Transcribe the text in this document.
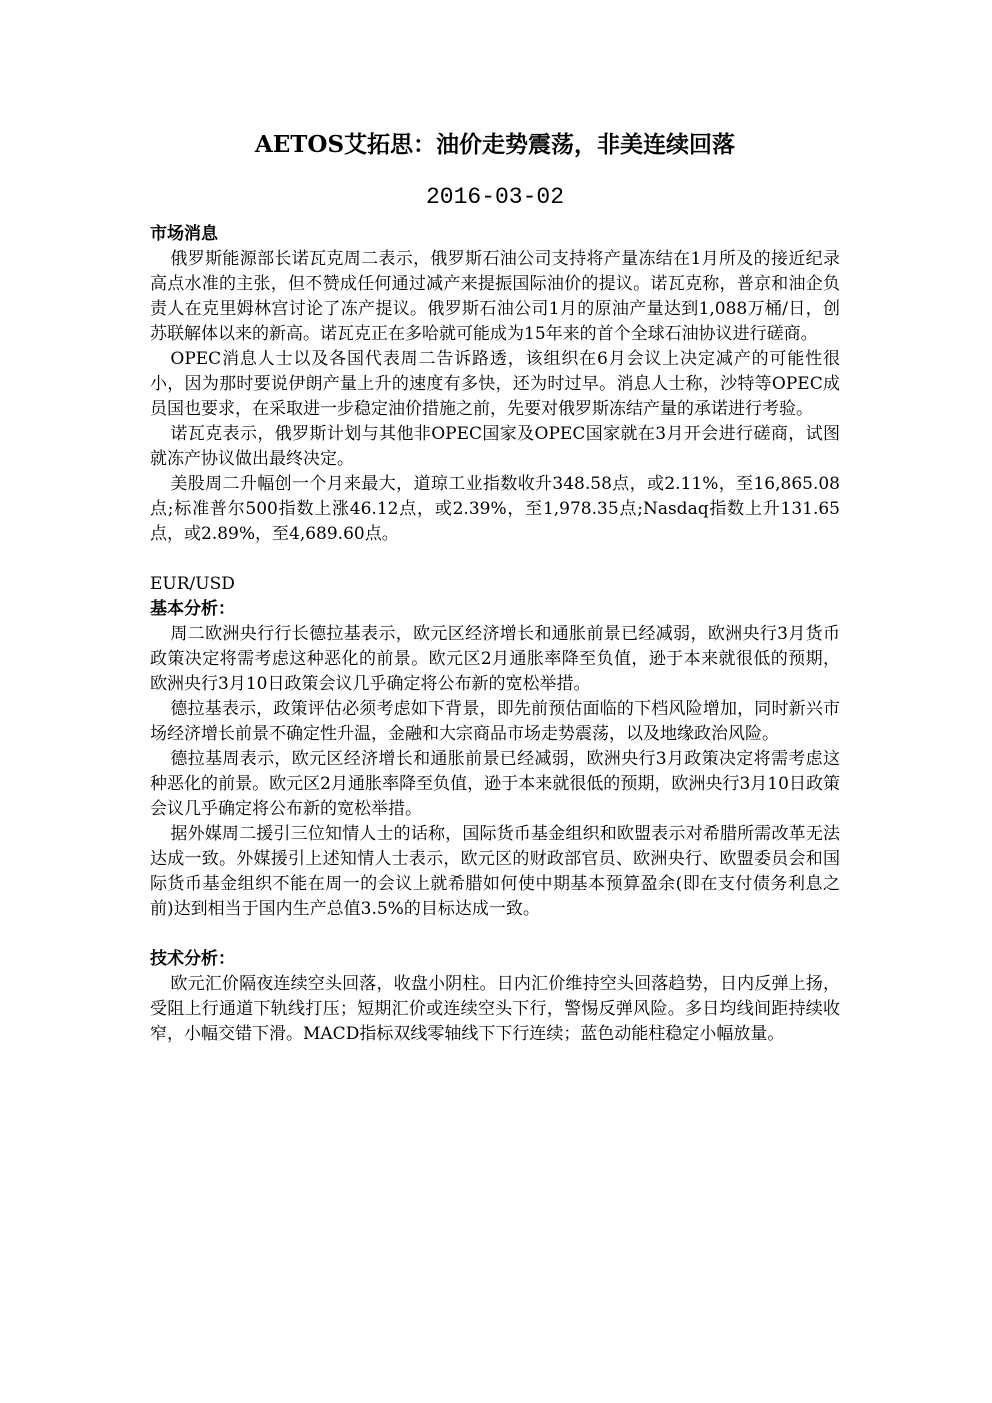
AETOS艾拓思：油价走势震荡，非美连续回落
2016-03-02
市场消息

俄罗斯能源部长诺瓦克周二表示，俄罗斯石油公司支持将产量冻结在1月所及的接近纪录高点水准的主张，但不赞成任何通过减产来提振国际油价的提议。诺瓦克称，普京和油企负责人在克里姆林宫讨论了冻产提议。俄罗斯石油公司1月的原油产量达到1,088万桶/日，创苏联解体以来的新高。诺瓦克正在多哈就可能成为15年来的首个全球石油协议进行磋商。

OPEC消息人士以及各国代表周二告诉路透，该组织在6月会议上决定减产的可能性很小，因为那时要说伊朗产量上升的速度有多快，还为时过早。消息人士称，沙特等OPEC成员国也要求，在采取进一步稳定油价措施之前，先要对俄罗斯冻结产量的承诺进行考验。

诺瓦克表示，俄罗斯计划与其他非OPEC国家及OPEC国家就在3月开会进行磋商，试图就冻产协议做出最终决定。

美股周二升幅创一个月来最大，道琼工业指数收升348.58点，或2.11%，至16,865.08点;标准普尔500指数上涨46.12点，或2.39%，至1,978.35点;Nasdaq指数上升131.65点，或2.89%，至4,689.60点。

EUR/USD
基本分析：

周二欧洲央行行长德拉基表示，欧元区经济增长和通胀前景已经减弱，欧洲央行3月货币政策决定将需考虑这种恶化的前景。欧元区2月通胀率降至负值，逊于本来就很低的预期，欧洲央行3月10日政策会议几乎确定将公布新的宽松举措。

德拉基表示，政策评估必须考虑如下背景，即先前预估面临的下档风险增加，同时新兴市场经济增长前景不确定性升温，金融和大宗商品市场走势震荡，以及地缘政治风险。

德拉基周表示，欧元区经济增长和通胀前景已经减弱，欧洲央行3月政策决定将需考虑这种恶化的前景。欧元区2月通胀率降至负值，逊于本来就很低的预期，欧洲央行3月10日政策会议几乎确定将公布新的宽松举措。

据外媒周二援引三位知情人士的话称，国际货币基金组织和欧盟表示对希腊所需改革无法达成一致。外媒援引上述知情人士表示，欧元区的财政部官员、欧洲央行、欧盟委员会和国际货币基金组织不能在周一的会议上就希腊如何使中期基本预算盈余(即在支付债务利息之前)达到相当于国内生产总值3.5%的目标达成一致。

技术分析：

欧元汇价隔夜连续空头回落，收盘小阴柱。日内汇价维持空头回落趋势，日内反弹上扬，受阻上行通道下轨线打压；短期汇价或连续空头下行，警惕反弹风险。多日均线间距持续收窄，小幅交错下滑。MACD指标双线零轴线下下行连续；蓝色动能柱稳定小幅放量。
